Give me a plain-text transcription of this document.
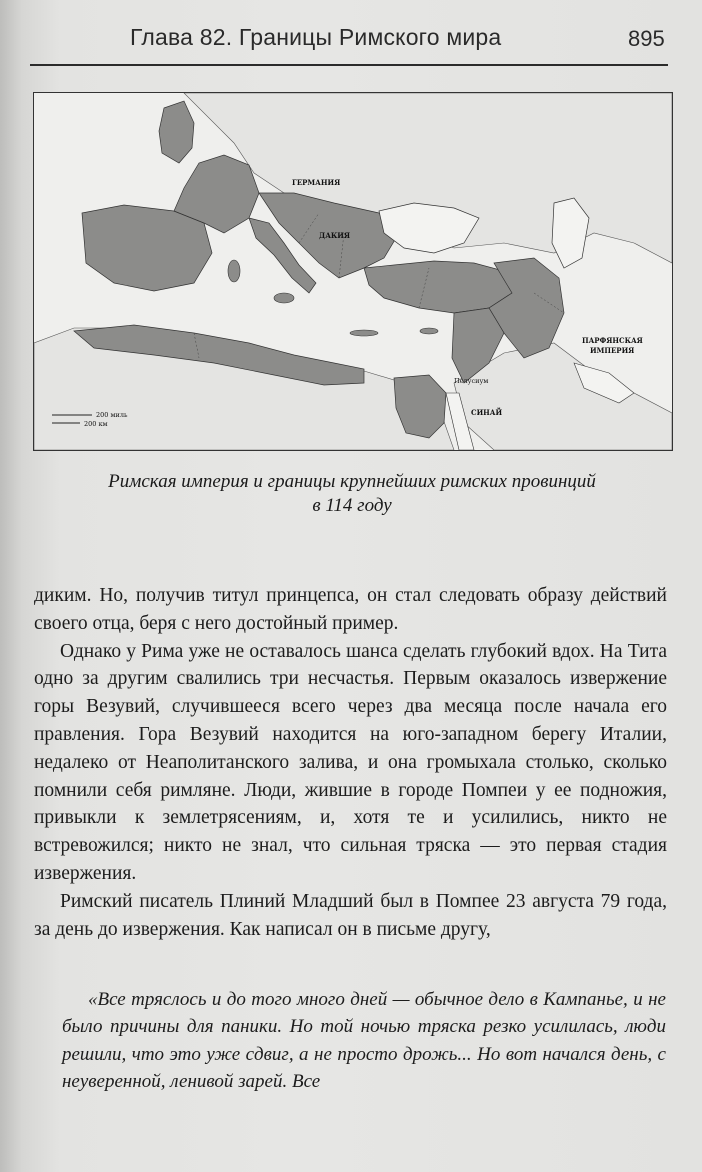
Глава 82. Границы Римского мира	895
ГЕРМАНИЯ
ДАКИЯ
ПАРФЯНСКАЯ
ИМПЕРИЯ
СИНАЙ
Пелусиум
200 миль
200 км
Римская империя и границы крупнейших римских провинций
в 114 году

диким. Но, получив титул принцепса, он стал следовать образу действий своего отца, беря с него достойный пример.

Однако у Рима уже не оставалось шанса сделать глубокий вдох. На Тита одно за другим свалились три несчастья. Первым оказалось извержение горы Везувий, случившееся всего через два месяца после начала его правления. Гора Везувий находится на юго-западном берегу Италии, недалеко от Неаполитанского залива, и она громыхала столько, сколько помнили себя римляне. Люди, жившие в городе Помпеи у ее подножия, привыкли к землетрясениям, и, хотя те и усилились, никто не встревожился; никто не знал, что сильная тряска — это первая стадия извержения.

Римский писатель Плиний Младший был в Помпее 23 августа 79 года, за день до извержения. Как написал он в письме другу,

«Все тряслось и до того много дней — обычное дело в Кампанье, и не было причины для паники. Но той ночью тряска резко усилилась, люди решили, что это уже сдвиг, а не просто дрожь... Но вот начался день, с неуверенной, ленивой зарей. Все
